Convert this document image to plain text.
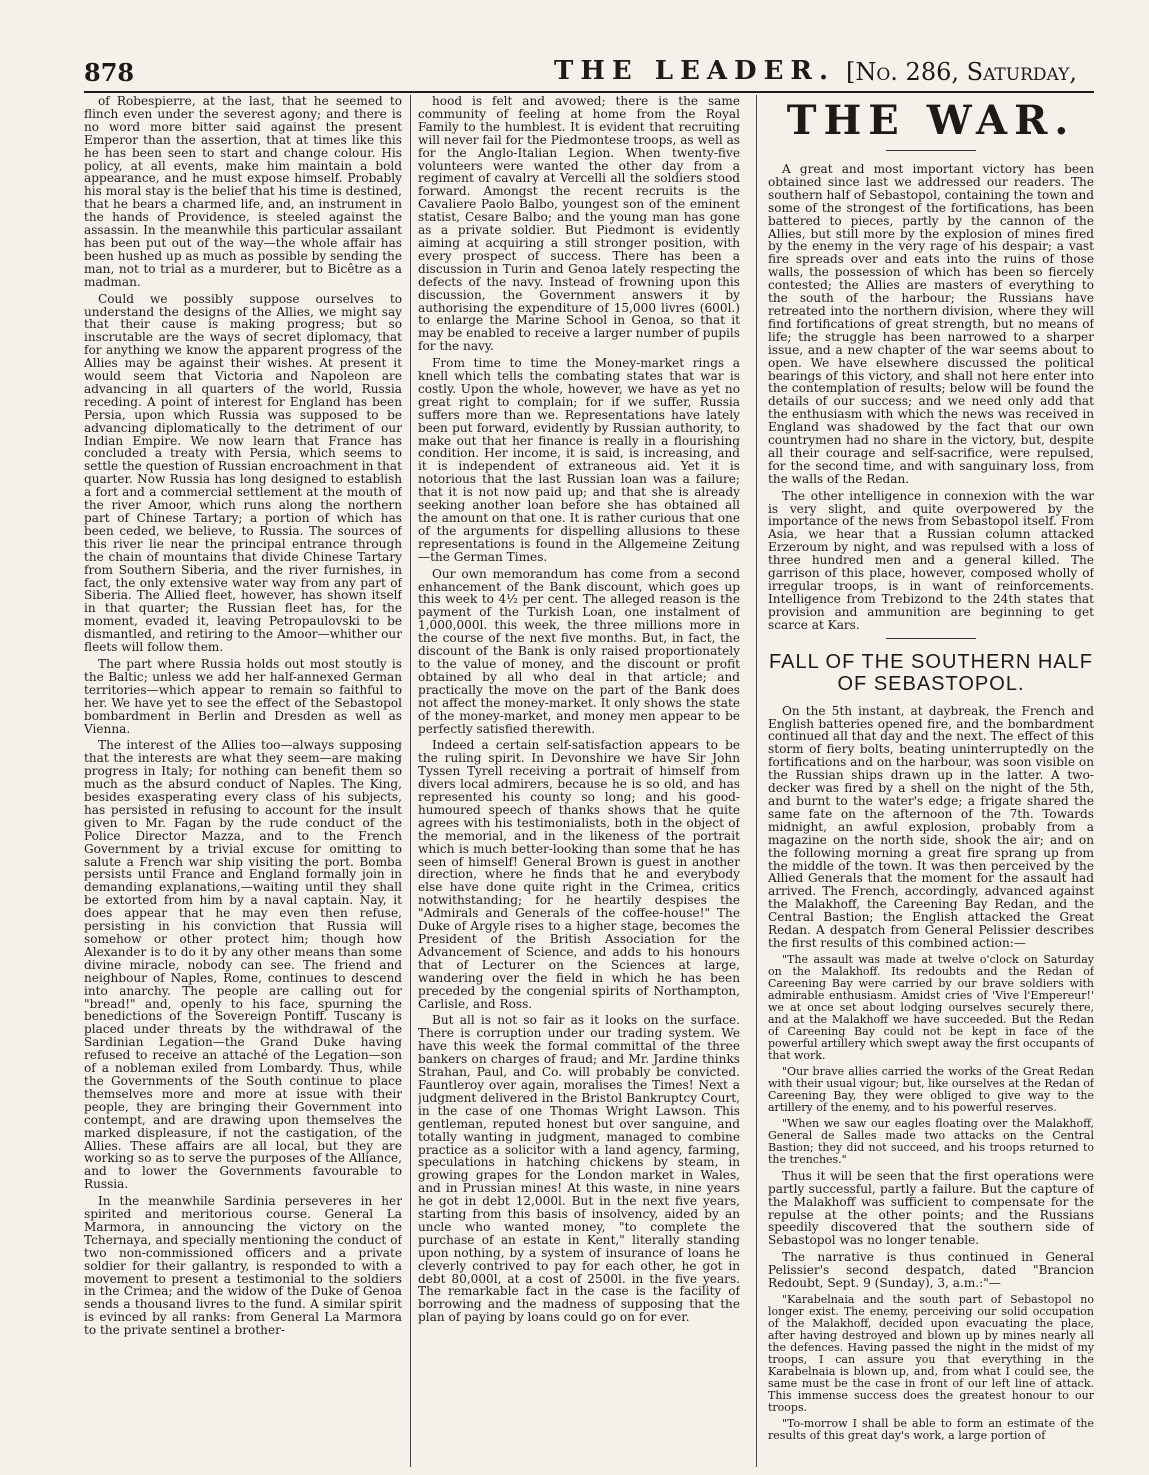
878	THE LEADER. [No. 286, Saturday,

of Robespierre, at the last, that he seemed to flinch even under the severest agony; and there is no word more bitter said against the present Emperor than the assertion, that at times like this he has been seen to start and change colour. His policy, at all events, make him maintain a bold appearance, and he must expose himself. Probably his moral stay is the belief that his time is destined, that he bears a charmed life, and, an instrument in the hands of Providence, is steeled against the assassin. In the meanwhile this particular assailant has been put out of the way—the whole affair has been hushed up as much as possible by sending the man, not to trial as a murderer, but to Bicêtre as a madman.

Could we possibly suppose ourselves to understand the designs of the Allies, we might say that their cause is making progress; but so inscrutable are the ways of secret diplomacy, that for anything we know the apparent progress of the Allies may be against their wishes. At present it would seem that Victoria and Napoleon are advancing in all quarters of the world, Russia receding. A point of interest for England has been Persia, upon which Russia was supposed to be advancing diplomatically to the detriment of our Indian Empire. We now learn that France has concluded a treaty with Persia, which seems to settle the question of Russian encroachment in that quarter. Now Russia has long designed to establish a fort and a commercial settlement at the mouth of the river Amoor, which runs along the northern part of Chinese Tartary; a portion of which has been ceded, we believe, to Russia. The sources of this river lie near the principal entrance through the chain of mountains that divide Chinese Tartary from Southern Siberia, and the river furnishes, in fact, the only extensive water way from any part of Siberia. The Allied fleet, however, has shown itself in that quarter; the Russian fleet has, for the moment, evaded it, leaving Petropaulovski to be dismantled, and retiring to the Amoor—whither our fleets will follow them.

The part where Russia holds out most stoutly is the Baltic; unless we add her half-annexed German territories—which appear to remain so faithful to her. We have yet to see the effect of the Sebastopol bombardment in Berlin and Dresden as well as Vienna.

The interest of the Allies too—always supposing that the interests are what they seem—are making progress in Italy; for nothing can benefit them so much as the absurd conduct of Naples. The King, besides exasperating every class of his subjects, has persisted in refusing to account for the insult given to Mr. Fagan by the rude conduct of the Police Director Mazza, and to the French Government by a trivial excuse for omitting to salute a French war ship visiting the port. Bomba persists until France and England formally join in demanding explanations,—waiting until they shall be extorted from him by a naval captain. Nay, it does appear that he may even then refuse, persisting in his conviction that Russia will somehow or other protect him; though how Alexander is to do it by any other means than some divine miracle, nobody can see. The friend and neighbour of Naples, Rome, continues to descend into anarchy. The people are calling out for "bread!" and, openly to his face, spurning the benedictions of the Sovereign Pontiff. Tuscany is placed under threats by the withdrawal of the Sardinian Legation—the Grand Duke having refused to receive an attaché of the Legation—son of a nobleman exiled from Lombardy. Thus, while the Governments of the South continue to place themselves more and more at issue with their people, they are bringing their Government into contempt, and are drawing upon themselves the marked displeasure, if not the castigation, of the Allies. These affairs are all local, but they are working so as to serve the purposes of the Alliance, and to lower the Governments favourable to Russia.

In the meanwhile Sardinia perseveres in her spirited and meritorious course. General La Marmora, in announcing the victory on the Tchernaya, and specially mentioning the conduct of two non-commissioned officers and a private soldier for their gallantry, is responded to with a movement to present a testimonial to the soldiers in the Crimea; and the widow of the Duke of Genoa sends a thousand livres to the fund. A similar spirit is evinced by all ranks: from General La Marmora to the private sentinel a brother-

hood is felt and avowed; there is the same community of feeling at home from the Royal Family to the humblest. It is evident that recruiting will never fail for the Piedmontese troops, as well as for the Anglo-Italian Legion. When twenty-five volunteers were wanted the other day from a regiment of cavalry at Vercelli all the soldiers stood forward. Amongst the recent recruits is the Cavaliere Paolo Balbo, youngest son of the eminent statist, Cesare Balbo; and the young man has gone as a private soldier. But Piedmont is evidently aiming at acquiring a still stronger position, with every prospect of success. There has been a discussion in Turin and Genoa lately respecting the defects of the navy. Instead of frowning upon this discussion, the Government answers it by authorising the expenditure of 15,000 livres (600l.) to enlarge the Marine School in Genoa, so that it may be enabled to receive a larger number of pupils for the navy.

From time to time the Money-market rings a knell which tells the combating states that war is costly. Upon the whole, however, we have as yet no great right to complain; for if we suffer, Russia suffers more than we. Representations have lately been put forward, evidently by Russian authority, to make out that her finance is really in a flourishing condition. Her income, it is said, is increasing, and it is independent of extraneous aid. Yet it is notorious that the last Russian loan was a failure; that it is not now paid up; and that she is already seeking another loan before she has obtained all the amount on that one. It is rather curious that one of the arguments for dispelling allusions to these representations is found in the Allgemeine Zeitung—the German Times.

Our own memorandum has come from a second enhancement of the Bank discount, which goes up this week to 4½ per cent. The alleged reason is the payment of the Turkish Loan, one instalment of 1,000,000l. this week, the three millions more in the course of the next five months. But, in fact, the discount of the Bank is only raised proportionately to the value of money, and the discount or profit obtained by all who deal in that article; and practically the move on the part of the Bank does not affect the money-market. It only shows the state of the money-market, and money men appear to be perfectly satisfied therewith.

Indeed a certain self-satisfaction appears to be the ruling spirit. In Devonshire we have Sir John Tyssen Tyrell receiving a portrait of himself from divers local admirers, because he is so old, and has represented his county so long; and his good-humoured speech of thanks shows that he quite agrees with his testimonialists, both in the object of the memorial, and in the likeness of the portrait which is much better-looking than some that he has seen of himself! General Brown is guest in another direction, where he finds that he and everybody else have done quite right in the Crimea, critics notwithstanding; for he heartily despises the "Admirals and Generals of the coffee-house!" The Duke of Argyle rises to a higher stage, becomes the President of the British Association for the Advancement of Science, and adds to his honours that of Lecturer on the Sciences at large, wandering over the field in which he has been preceded by the congenial spirits of Northampton, Carlisle, and Ross.

But all is not so fair as it looks on the surface. There is corruption under our trading system. We have this week the formal committal of the three bankers on charges of fraud; and Mr. Jardine thinks Strahan, Paul, and Co. will probably be convicted. Fauntleroy over again, moralises the Times! Next a judgment delivered in the Bristol Bankruptcy Court, in the case of one Thomas Wright Lawson. This gentleman, reputed honest but over sanguine, and totally wanting in judgment, managed to combine practice as a solicitor with a land agency, farming, speculations in hatching chickens by steam, in growing grapes for the London market in Wales, and in Prussian mines! At this waste, in nine years he got in debt 12,000l. But in the next five years, starting from this basis of insolvency, aided by an uncle who wanted money, "to complete the purchase of an estate in Kent," literally standing upon nothing, by a system of insurance of loans he cleverly contrived to pay for each other, he got in debt 80,000l, at a cost of 2500l. in the five years. The remarkable fact in the case is the facility of borrowing and the madness of supposing that the plan of paying by loans could go on for ever.

THE WAR.

A great and most important victory has been obtained since last we addressed our readers. The southern half of Sebastopol, containing the town and some of the strongest of the fortifications, has been battered to pieces, partly by the cannon of the Allies, but still more by the explosion of mines fired by the enemy in the very rage of his despair; a vast fire spreads over and eats into the ruins of those walls, the possession of which has been so fiercely contested; the Allies are masters of everything to the south of the harbour; the Russians have retreated into the northern division, where they will find fortifications of great strength, but no means of life; the struggle has been narrowed to a sharper issue, and a new chapter of the war seems about to open. We have elsewhere discussed the political bearings of this victory, and shall not here enter into the contemplation of results; below will be found the details of our success; and we need only add that the enthusiasm with which the news was received in England was shadowed by the fact that our own countrymen had no share in the victory, but, despite all their courage and self-sacrifice, were repulsed, for the second time, and with sanguinary loss, from the walls of the Redan.

The other intelligence in connexion with the war is very slight, and quite overpowered by the importance of the news from Sebastopol itself. From Asia, we hear that a Russian column attacked Erzeroum by night, and was repulsed with a loss of three hundred men and a general killed. The garrison of this place, however, composed wholly of irregular troops, is in want of reinforcements. Intelligence from Trebizond to the 24th states that provision and ammunition are beginning to get scarce at Kars.

FALL OF THE SOUTHERN HALF OF SEBASTOPOL.

On the 5th instant, at daybreak, the French and English batteries opened fire, and the bombardment continued all that day and the next. The effect of this storm of fiery bolts, beating uninterruptedly on the fortifications and on the harbour, was soon visible on the Russian ships drawn up in the latter. A two-decker was fired by a shell on the night of the 5th, and burnt to the water's edge; a frigate shared the same fate on the afternoon of the 7th. Towards midnight, an awful explosion, probably from a magazine on the north side, shook the air; and on the following morning a great fire sprang up from the middle of the town. It was then perceived by the Allied Generals that the moment for the assault had arrived. The French, accordingly, advanced against the Malakhoff, the Careening Bay Redan, and the Central Bastion; the English attacked the Great Redan. A despatch from General Pelissier describes the first results of this combined action:—

"The assault was made at twelve o'clock on Saturday on the Malakhoff. Its redoubts and the Redan of Careening Bay were carried by our brave soldiers with admirable enthusiasm. Amidst cries of 'Vive l'Empereur!' we at once set about lodging ourselves securely there, and at the Malakhoff we have succeeded. But the Redan of Careening Bay could not be kept in face of the powerful artillery which swept away the first occupants of that work.

"Our brave allies carried the works of the Great Redan with their usual vigour; but, like ourselves at the Redan of Careening Bay, they were obliged to give way to the artillery of the enemy, and to his powerful reserves.

"When we saw our eagles floating over the Malakhoff, General de Salles made two attacks on the Central Bastion; they did not succeed, and his troops returned to the trenches."

Thus it will be seen that the first operations were partly successful, partly a failure. But the capture of the Malakhoff was sufficient to compensate for the repulse at the other points; and the Russians speedily discovered that the southern side of Sebastopol was no longer tenable.

The narrative is thus continued in General Pelissier's second despatch, dated "Brancion Redoubt, Sept. 9 (Sunday), 3, a.m.:"—

"Karabelnaia and the south part of Sebastopol no longer exist. The enemy, perceiving our solid occupation of the Malakhoff, decided upon evacuating the place, after having destroyed and blown up by mines nearly all the defences. Having passed the night in the midst of my troops, I can assure you that everything in the Karabelnaia is blown up, and, from what I could see, the same must be the case in front of our left line of attack. This immense success does the greatest honour to our troops.

"To-morrow I shall be able to form an estimate of the results of this great day's work, a large portion of
